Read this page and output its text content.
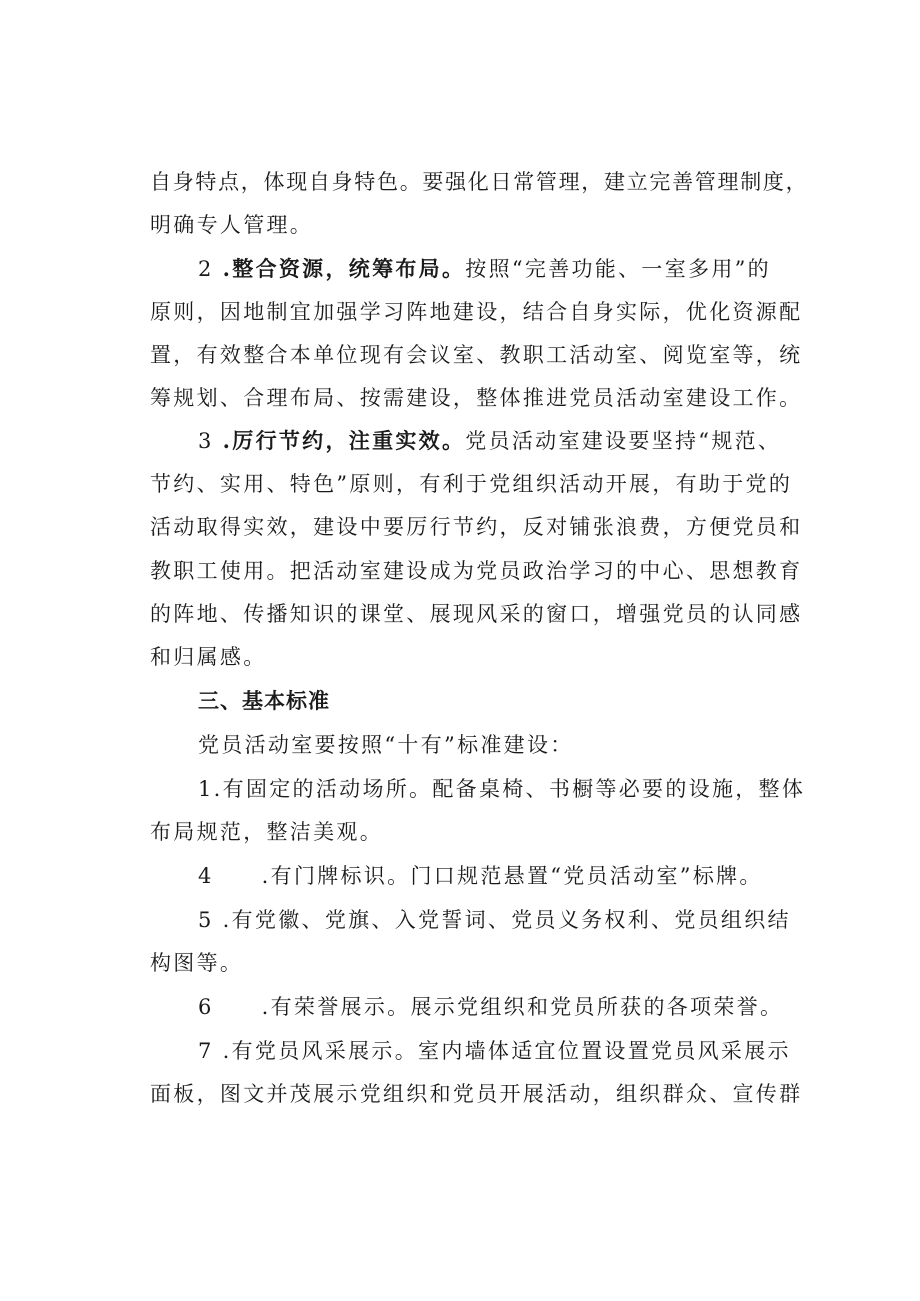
自身特点，体现自身特色。要强化日常管理，建立完善管理制度，
明确专人管理。
2 .整合资源，统筹布局。按照“完善功能、一室多用”的
原则，因地制宜加强学习阵地建设，结合自身实际，优化资源配
置，有效整合本单位现有会议室、教职工活动室、阅览室等，统
筹规划、合理布局、按需建设，整体推进党员活动室建设工作。
3 .厉行节约，注重实效。党员活动室建设要坚持“规范、
节约、实用、特色”原则，有利于党组织活动开展，有助于党的
活动取得实效，建设中要厉行节约，反对铺张浪费，方便党员和
教职工使用。把活动室建设成为党员政治学习的中心、思想教育
的阵地、传播知识的课堂、展现风采的窗口，增强党员的认同感
和归属感。
三、基本标准
党员活动室要按照“十有”标准建设：
1.有固定的活动场所。配备桌椅、书橱等必要的设施，整体
布局规范，整洁美观。
4 .有门牌标识。门口规范悬置“党员活动室”标牌。
5 .有党徽、党旗、入党誓词、党员义务权利、党员组织结
构图等。
6 .有荣誉展示。展示党组织和党员所获的各项荣誉。
7 .有党员风采展示。室内墙体适宜位置设置党员风采展示
面板，图文并茂展示党组织和党员开展活动，组织群众、宣传群
